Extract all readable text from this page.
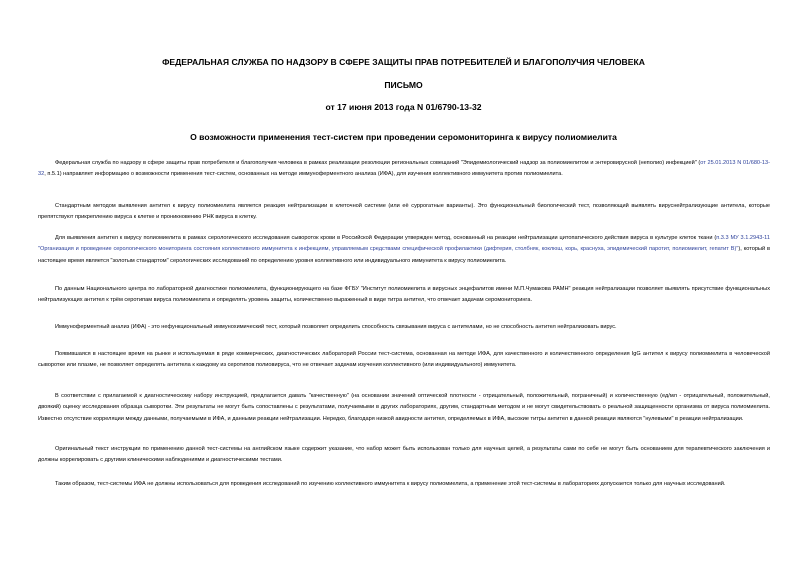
ФЕДЕРАЛЬНАЯ СЛУЖБА ПО НАДЗОРУ В СФЕРЕ ЗАЩИТЫ ПРАВ ПОТРЕБИТЕЛЕЙ И БЛАГОПОЛУЧИЯ ЧЕЛОВЕКА
ПИСЬМО
от 17 июня 2013 года N 01/6790-13-32
О возможности применения тест-систем при проведении серомониторинга к вирусу полиомиелита

Федеральная служба по надзору в сфере защиты прав потребителя и благополучия человека в рамках реализации резолюции региональных совещаний "Эпидемиологический надзор за полиомиелитом и энтеровирусной (неполио) инфекцией" (от 25.01.2013 N 01/680-13-32, п.5.1) направляет информацию о возможности применения тест-систем, основанных на методе иммуноферментного анализа (ИФА), для изучения коллективного иммунитета против полиомиелита.

Стандартным методом выявления антител к вирусу полиомиелита является реакция нейтрализации в клеточной системе (или её суррогатные варианты). Это функциональный биологический тест, позволяющий выявлять вируснейтрализующие антитела, которые препятствуют прикреплению вируса к клетке и проникновению РНК вируса в клетку.

Для выявления антител к вирусу полиомиелита в рамках серологического исследования сывороток крови в Российской Федерации утвержден метод, основанный на реакции нейтрализации цитопатического действия вируса в культуре клеток ткани (п.3.3 МУ 3.1.2943-11 "Организация и проведение серологического мониторинга состояния коллективного иммунитета к инфекциям, управляемым средствами специфической профилактики (дифтерия, столбняк, коклюш, корь, краснуха, эпидемический паротит, полиомиелит, гепатит В)"), который в настоящее время является "золотым стандартом" серологических исследований по определению уровня коллективного или индивидуального иммунитета к вирусу полиомиелита.

По данным Национального центра по лабораторной диагностике полиомиелита, функционирующего на базе ФГБУ "Институт полиомиелита и вирусных энцефалитов имени М.П.Чумакова РАМН" реакция нейтрализации позволяет выявлять присутствие функциональных нейтрализующих антител к трём серотипам вируса полиомиелита и определять уровень защиты, количественно выраженный в виде титра антител, что отвечает задачам серомониторинга.

Иммуноферментный анализ (ИФА) - это нефункциональный иммунохимический тест, который позволяет определить способность связывания вируса с антителами, но не способность антител нейтрализовать вирус.

Появившаяся в настоящее время на рынке и используемая в ряде коммерческих, диагностических лабораторий России тест-система, основанная на методе ИФА, для качественного и количественного определения IgG антител к вирусу полиомиелита в человеческой сыворотке или плазме, не позволяет определять антитела к каждому из серотипов полиовируса, что не отвечает задачам изучения коллективного (или индивидуального) иммунитета.

В соответствии с прилагаемой к диагностическому набору инструкцией, предлагается давать "качественную" (на основании значений оптической плотности - отрицательный, положительный, пограничный) и количественную (ед/мл - отрицательный, положительный, двоякий) оценку исследования образца сыворотки. Эти результаты не могут быть сопоставлены с результатами, получаемыми в других лабораториях, другим, стандартным методом и не могут свидетельствовать о реальной защищенности организма от вируса полиомиелита. Известно отсутствие корреляции между данными, получаемыми в ИФА, и данными реакции нейтрализации. Нередко, благодаря низкой авидности антител, определяемых в ИФА, высокие титры антител в данной реакции являются "нулевыми" в реакции нейтрализации.

Оригинальный текст инструкции по применению данной тест-системы на английском языке содержит указание, что набор может быть использован только для научных целей, а результаты сами по себе не могут быть основанием для терапевтического заключения и должны коррелировать с другими клиническими наблюдениями и диагностическими тестами.

Таким образом, тест-системы ИФА не должны использоваться для проведения исследований по изучению коллективного иммунитета к вирусу полиомиелита, а применение этой тест-системы в лабораториях допускается только для научных исследований.
